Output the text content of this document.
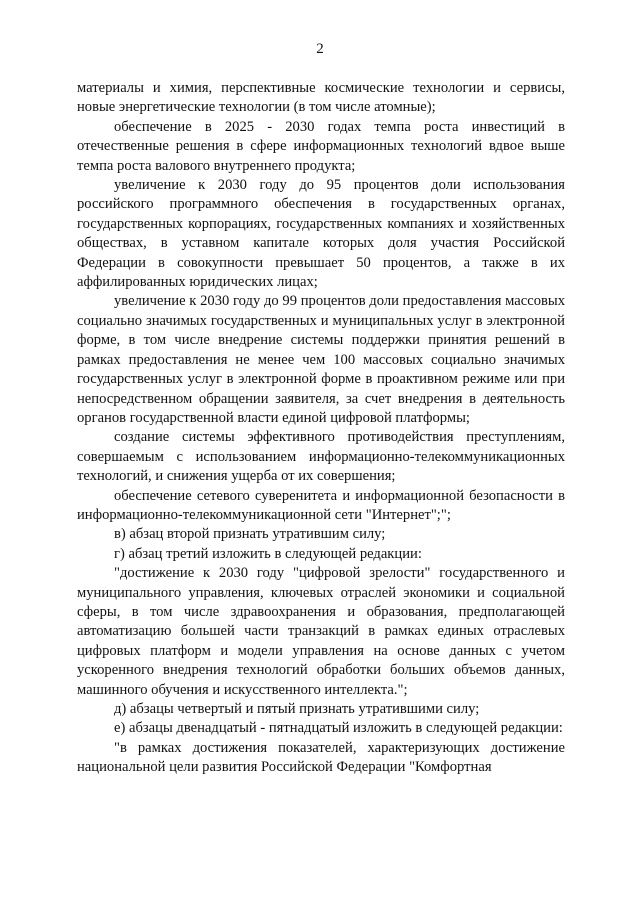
2

материалы и химия, перспективные космические технологии и сервисы, новые энергетические технологии (в том числе атомные);

обеспечение в 2025 - 2030 годах темпа роста инвестиций в отечественные решения в сфере информационных технологий вдвое выше темпа роста валового внутреннего продукта;

увеличение к 2030 году до 95 процентов доли использования российского программного обеспечения в государственных органах, государственных корпорациях, государственных компаниях и хозяйственных обществах, в уставном капитале которых доля участия Российской Федерации в совокупности превышает 50 процентов, а также в их аффилированных юридических лицах;

увеличение к 2030 году до 99 процентов доли предоставления массовых социально значимых государственных и муниципальных услуг в электронной форме, в том числе внедрение системы поддержки принятия решений в рамках предоставления не менее чем 100 массовых социально значимых государственных услуг в электронной форме в проактивном режиме или при непосредственном обращении заявителя, за счет внедрения в деятельность органов государственной власти единой цифровой платформы;

создание системы эффективного противодействия преступлениям, совершаемым с использованием информационно-телекоммуникационных технологий, и снижения ущерба от их совершения;

обеспечение сетевого суверенитета и информационной безопасности в информационно-телекоммуникационной сети "Интернет";";

в) абзац второй признать утратившим силу;

г) абзац третий изложить в следующей редакции:

"достижение к 2030 году "цифровой зрелости" государственного и муниципального управления, ключевых отраслей экономики и социальной сферы, в том числе здравоохранения и образования, предполагающей автоматизацию большей части транзакций в рамках единых отраслевых цифровых платформ и модели управления на основе данных с учетом ускоренного внедрения технологий обработки больших объемов данных, машинного обучения и искусственного интеллекта.";

д) абзацы четвертый и пятый признать утратившими силу;

е) абзацы двенадцатый - пятнадцатый изложить в следующей редакции:

"в рамках достижения показателей, характеризующих достижение национальной цели развития Российской Федерации "Комфортная
